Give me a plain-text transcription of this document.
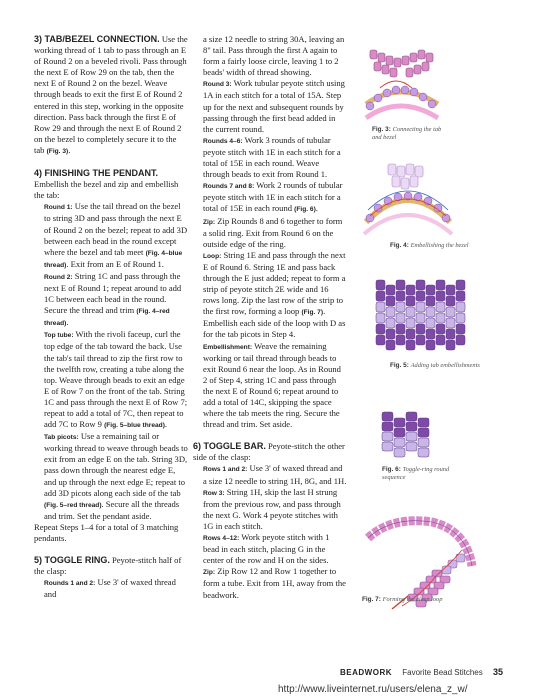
3) TAB/BEZEL CONNECTION. Use the working thread of 1 tab to pass through an E of Round 2 on a beveled rivoli. Pass through the next E of Row 29 on the tab, then the next E of Round 2 on the bezel. Weave through beads to exit the first E of Round 2 entered in this step, working in the opposite direction. Pass back through the first E of Row 29 and through the next E of Round 2 on the bezel to completely secure it to the tab (Fig. 3).

4) FINISHING THE PENDANT. Embellish the bezel and zip and embellish the tab:

Round 1: Use the tail thread on the bezel to string 3D and pass through the next E of Round 2 on the bezel; repeat to add 3D between each bead in the round except where the bezel and tab meet (Fig. 4–blue thread). Exit from an E of Round 1.

Round 2: String 1C and pass through the next E of Round 1; repeat around to add 1C between each bead in the round. Secure the thread and trim (Fig. 4–red thread).

Top tube: With the rivoli faceup, curl the top edge of the tab toward the back. Use the tab's tail thread to zip the first row to the twelfth row, creating a tube along the top. Weave through beads to exit an edge E of Row 7 on the front of the tab. String 1C and pass through the next E of Row 7; repeat to add a total of 7C, then repeat to add 7C to Row 9 (Fig. 5–blue thread).

Tab picots: Use a remaining tail or working thread to weave through beads to exit from an edge E on the tab. String 3D, pass down through the nearest edge E, and up through the next edge E; repeat to add 3D picots along each side of the tab (Fig. 5–red thread). Secure all the threads and trim. Set the pendant aside.

Repeat Steps 1–4 for a total of 3 matching pendants.

5) TOGGLE RING. Peyote-stitch half of the clasp:

Rounds 1 and 2: Use 3' of waxed thread and

a size 12 needle to string 30A, leaving an 8" tail. Pass through the first A again to form a fairly loose circle, leaving 1 to 2 beads' width of thread showing.

Round 3: Work tubular peyote stitch using 1A in each stitch for a total of 15A. Step up for the next and subsequent rounds by passing through the first bead added in the current round.

Rounds 4–6: Work 3 rounds of tubular peyote stitch with 1E in each stitch for a total of 15E in each round. Weave through beads to exit from Round 1.

Rounds 7 and 8: Work 2 rounds of tubular peyote stitch with 1E in each stitch for a total of 15E in each round (Fig. 6).

Zip: Zip Rounds 8 and 6 together to form a solid ring. Exit from Round 6 on the outside edge of the ring.

Loop: String 1E and pass through the next E of Round 6. String 1E and pass back through the E just added; repeat to form a strip of peyote stitch 2E wide and 16 rows long. Zip the last row of the strip to the first row, forming a loop (Fig. 7). Embellish each side of the loop with D as for the tab picots in Step 4.

Embellishment: Weave the remaining working or tail thread through beads to exit Round 6 near the loop. As in Round 2 of Step 4, string 1C and pass through the next E of Round 6; repeat around to add a total of 14C, skipping the space where the tab meets the ring. Secure the thread and trim. Set aside.

6) TOGGLE BAR. Peyote-stitch the other side of the clasp:

Rows 1 and 2: Use 3' of waxed thread and a size 12 needle to string 1H, 8G, and 1H.

Row 3: String 1H, skip the last H strung from the previous row, and pass through the next G. Work 4 peyote stitches with 1G in each stitch.

Rows 4–12: Work peyote stitch with 1 bead in each stitch, placing G in the center of the row and H on the sides.

Zip: Zip Row 12 and Row 1 together to form a tube. Exit from 1H, away from the beadwork.

Fig. 3: Connecting the tab and bezel
Fig. 4: Embellishing the bezel
Fig. 5: Adding tab embellishments
Fig. 6: Toggle-ring round sequence
Fig. 7: Forming the clasp loop
BEADWORK Favorite Bead Stitches 35
http://www.liveinternet.ru/users/elena_z_w/
